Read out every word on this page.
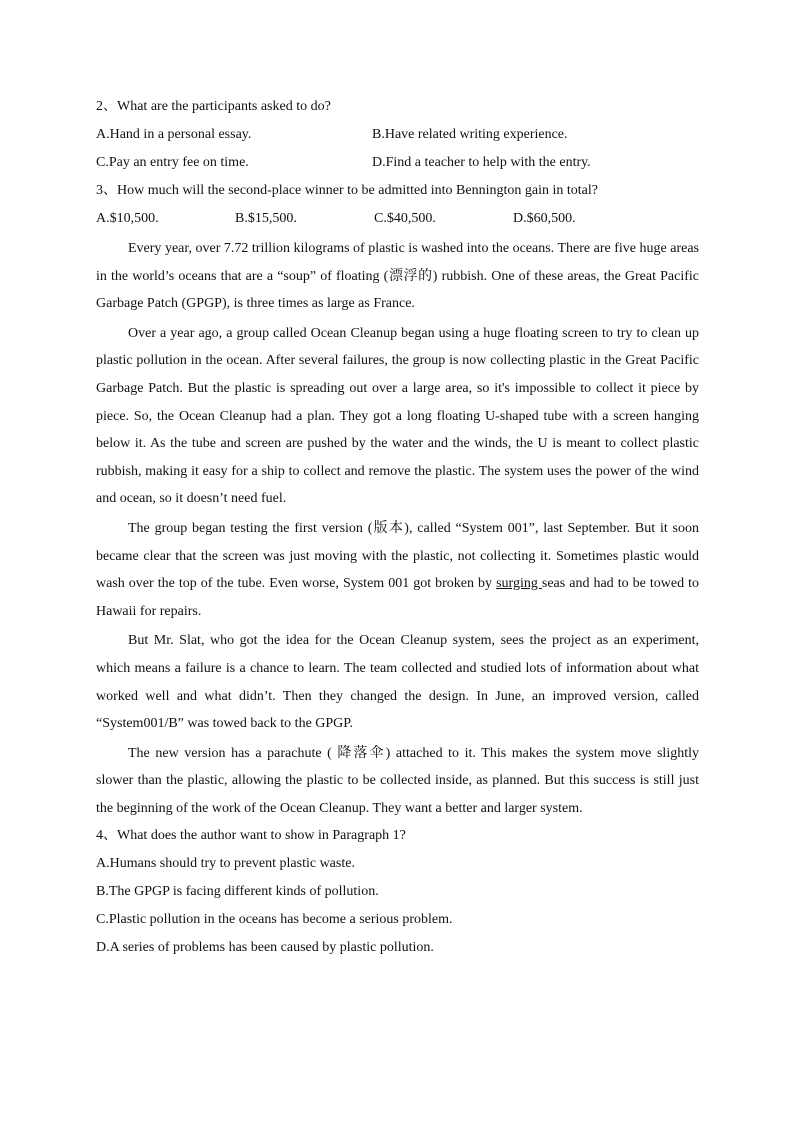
2、What are the participants asked to do?
A.Hand in a personal essay.	B.Have related writing experience.
C.Pay an entry fee on time.	D.Find a teacher to help with the entry.
3、How much will the second-place winner to be admitted into Bennington gain in total?
A.$10,500.	B.$15,500.	C.$40,500.	D.$60,500.

Every year, over 7.72 trillion kilograms of plastic is washed into the oceans. There are five huge areas in the world’s oceans that are a “soup” of floating (漂浮的) rubbish. One of these areas, the Great Pacific Garbage Patch (GPGP), is three times as large as France.

Over a year ago, a group called Ocean Cleanup began using a huge floating screen to try to clean up plastic pollution in the ocean. After several failures, the group is now collecting plastic in the Great Pacific Garbage Patch. But the plastic is spreading out over a large area, so it's impossible to collect it piece by piece. So, the Ocean Cleanup had a plan. They got a long floating U-shaped tube with a screen hanging below it. As the tube and screen are pushed by the water and the winds, the U is meant to collect plastic rubbish, making it easy for a ship to collect and remove the plastic. The system uses the power of the wind and ocean, so it doesn’t need fuel.

The group began testing the first version (版本), called “System 001”, last September. But it soon became clear that the screen was just moving with the plastic, not collecting it. Sometimes plastic would wash over the top of the tube. Even worse, System 001 got broken by surging seas and had to be towed to Hawaii for repairs.

But Mr. Slat, who got the idea for the Ocean Cleanup system, sees the project as an experiment, which means a failure is a chance to learn. The team collected and studied lots of information about what worked well and what didn’t. Then they changed the design. In June, an improved version, called “System001/B” was towed back to the GPGP.

The new version has a parachute ( 降落伞) attached to it. This makes the system move slightly slower than the plastic, allowing the plastic to be collected inside, as planned. But this success is still just the beginning of the work of the Ocean Cleanup. They want a better and larger system.

4、What does the author want to show in Paragraph 1?
A.Humans should try to prevent plastic waste.
B.The GPGP is facing different kinds of pollution.
C.Plastic pollution in the oceans has become a serious problem.
D.A series of problems has been caused by plastic pollution.
